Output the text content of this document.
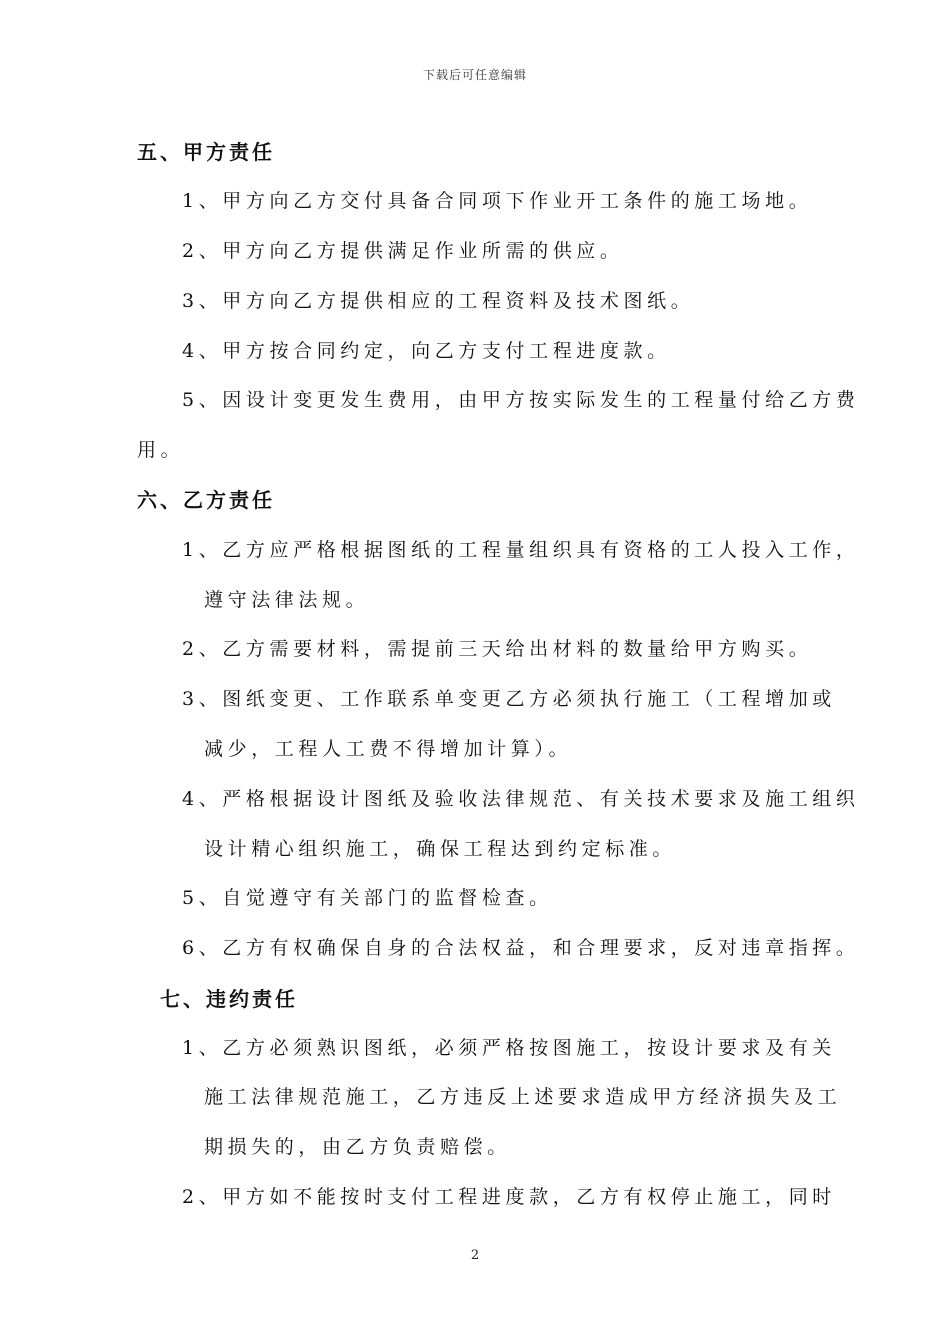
下载后可任意编辑
五、甲方责任
1、甲方向乙方交付具备合同项下作业开工条件的施工场地。
2、甲方向乙方提供满足作业所需的供应。
3、甲方向乙方提供相应的工程资料及技术图纸。
4、甲方按合同约定，向乙方支付工程进度款。
5、因设计变更发生费用，由甲方按实际发生的工程量付给乙方费
用。
六、乙方责任
1、乙方应严格根据图纸的工程量组织具有资格的工人投入工作，
遵守法律法规。
2、乙方需要材料，需提前三天给出材料的数量给甲方购买。
3、图纸变更、工作联系单变更乙方必须执行施工（工程增加或
减少，工程人工费不得增加计算）。
4、严格根据设计图纸及验收法律规范、有关技术要求及施工组织
设计精心组织施工，确保工程达到约定标准。
5、自觉遵守有关部门的监督检查。
6、乙方有权确保自身的合法权益，和合理要求，反对违章指挥。
七、违约责任
1、乙方必须熟识图纸，必须严格按图施工，按设计要求及有关
施工法律规范施工，乙方违反上述要求造成甲方经济损失及工
期损失的，由乙方负责赔偿。
2、甲方如不能按时支付工程进度款，乙方有权停止施工，同时
2
